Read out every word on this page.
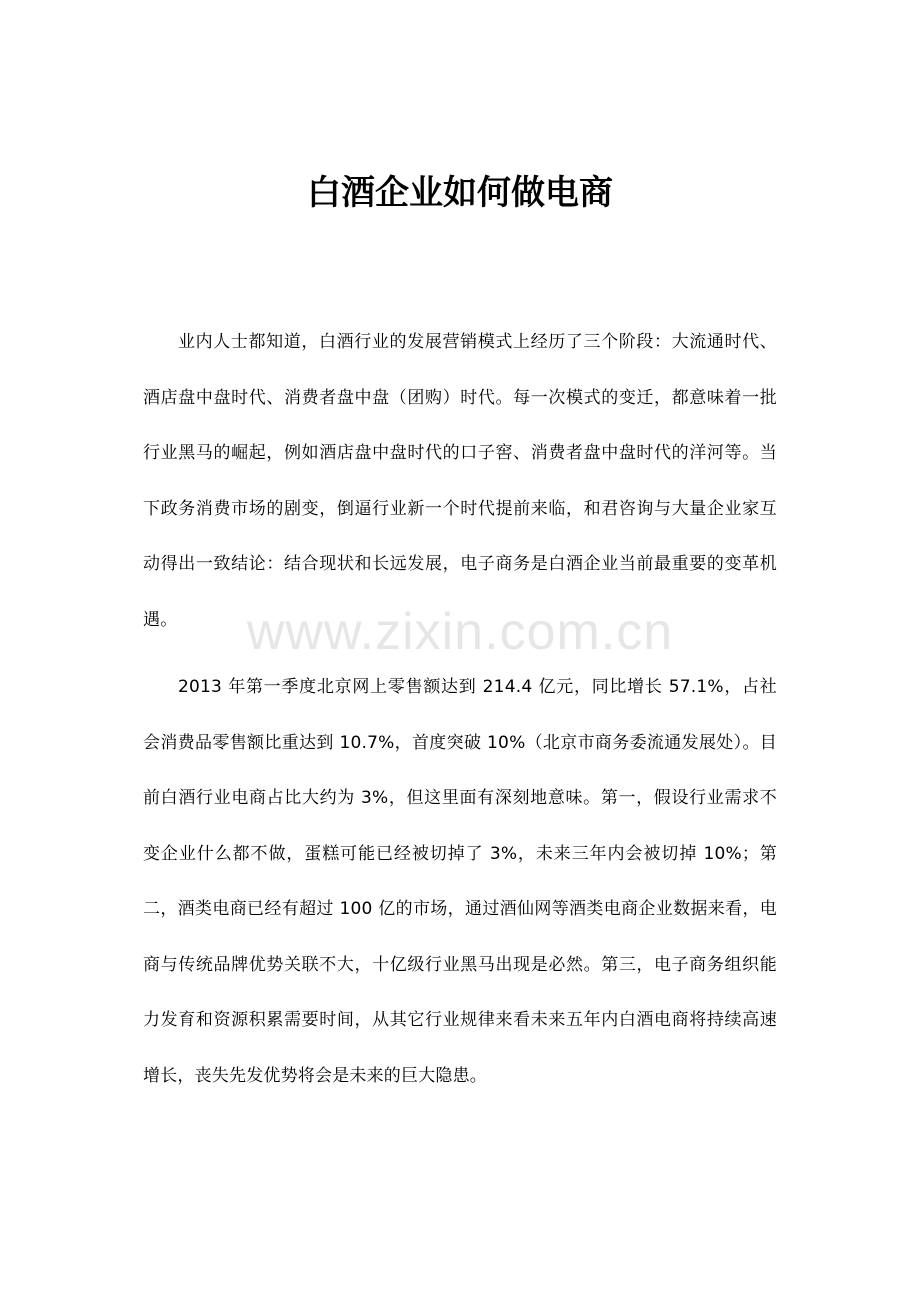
白酒企业如何做电商

业内人士都知道，白酒行业的发展营销模式上经历了三个阶段：大流通时代、酒店盘中盘时代、消费者盘中盘（团购）时代。每一次模式的变迁，都意味着一批行业黑马的崛起，例如酒店盘中盘时代的口子窖、消费者盘中盘时代的洋河等。当下政务消费市场的剧变，倒逼行业新一个时代提前来临，和君咨询与大量企业家互动得出一致结论：结合现状和长远发展，电子商务是白酒企业当前最重要的变革机遇。

2013 年第一季度北京网上零售额达到 214.4 亿元，同比增长 57.1%，占社会消费品零售额比重达到 10.7%，首度突破 10%（北京市商务委流通发展处）。目前白酒行业电商占比大约为 3%，但这里面有深刻地意味。第一，假设行业需求不变企业什么都不做，蛋糕可能已经被切掉了 3%，未来三年内会被切掉 10%；第二，酒类电商已经有超过 100 亿的市场，通过酒仙网等酒类电商企业数据来看，电商与传统品牌优势关联不大，十亿级行业黑马出现是必然。第三，电子商务组织能力发育和资源积累需要时间，从其它行业规律来看未来五年内白酒电商将持续高速增长，丧失先发优势将会是未来的巨大隐患。

www.zixin.com.cn
